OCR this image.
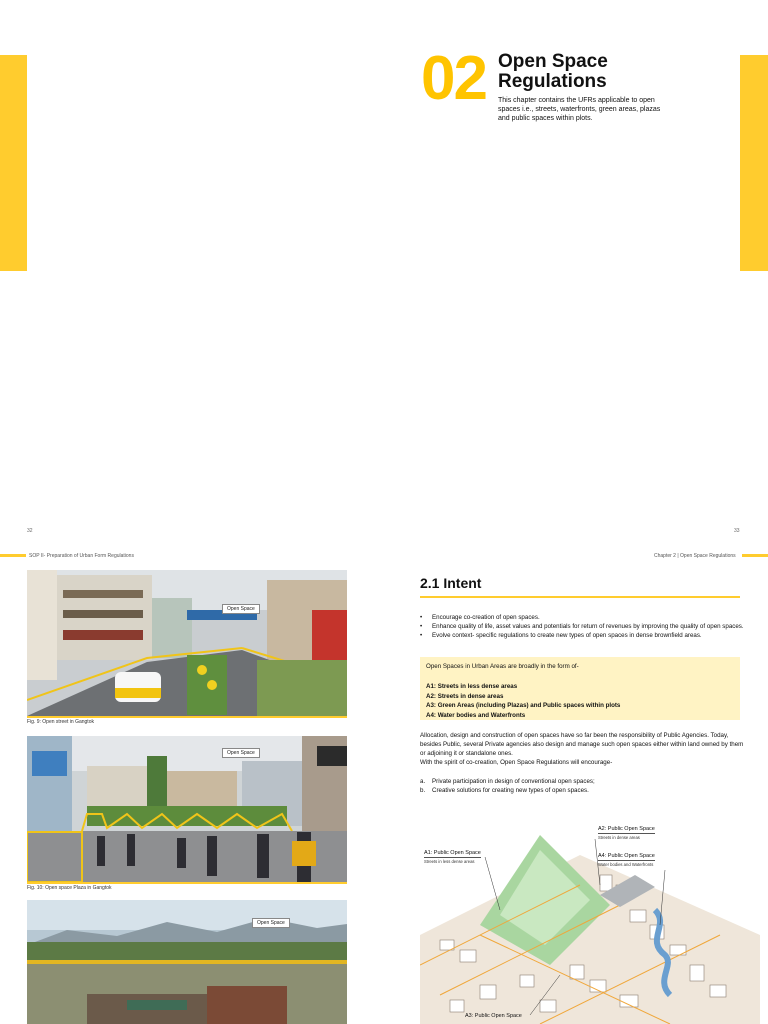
02 Open Space Regulations
This chapter contains the UFRs applicable to open spaces i.e., streets, waterfronts, green areas, plazas and public spaces within plots.
32	33
SOP II- Preparation of Urban Form Regulations	Chapter 2 | Open Space Regulations
Open Space
Fig. 9: Open street in Gangtok
Open Space
Fig. 10: Open space Plaza in Gangtok
Open Space
2.1 Intent
• Encourage co-creation of open spaces.
• Enhance quality of life, asset values and potentials for return of revenues by improving the quality of open spaces.
• Evolve context- specific regulations to create new types of open spaces in dense brownfield areas.
Open Spaces in Urban Areas are broadly in the form of-
A1: Streets in less dense areas
A2: Streets in dense areas
A3: Green Areas (including Plazas) and Public spaces within plots
A4: Water bodies and Waterfronts
Allocation, design and construction of open spaces have so far been the responsibility of Public Agencies. Today, besides Public, several Private agencies also design and manage such open spaces either within land owned by them or adjoining it or standalone ones.
With the spirit of co-creation, Open Space Regulations will encourage-
a. Private participation in design of conventional open spaces;
b. Creative solutions for creating new types of open spaces.
A1: Public Open Space
Streets in less dense areas
A2: Public Open Space
Streets in dense areas
A4: Public Open Space
Water bodies and Waterfronts
A3: Public Open Space
